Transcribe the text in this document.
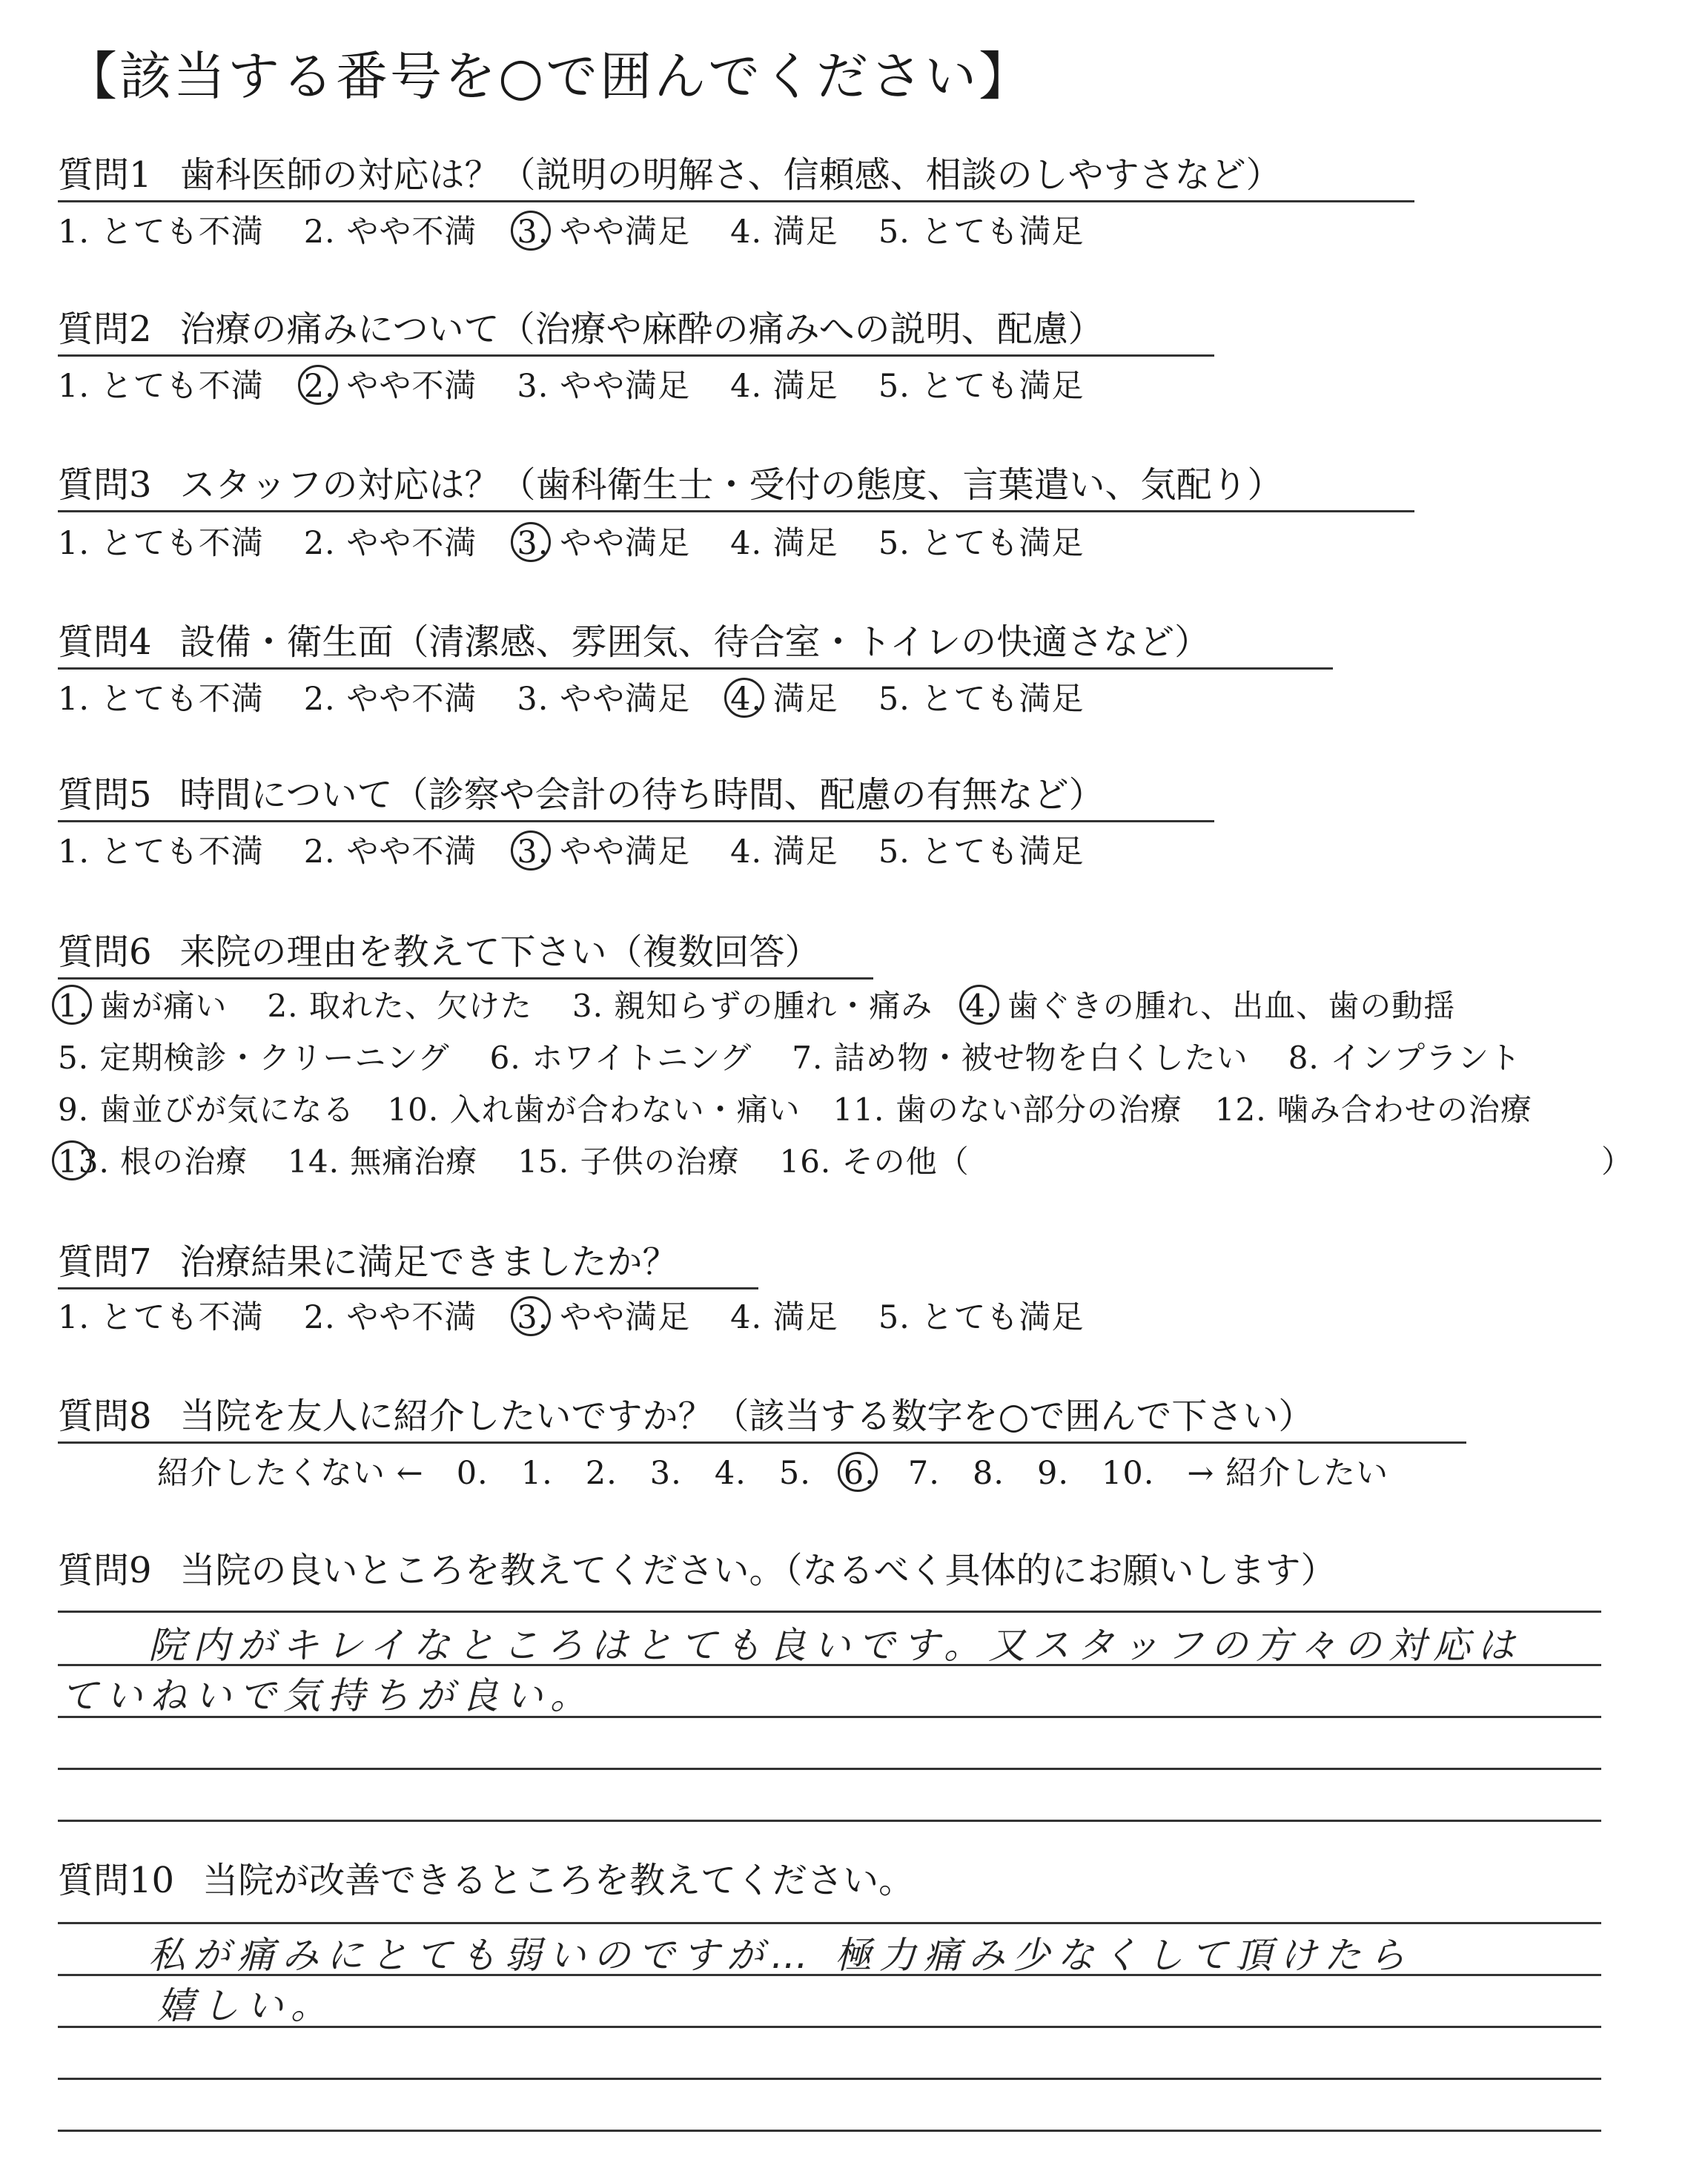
【該当する番号を○で囲んでください】
質問1 歯科医師の対応は？（説明の明解さ、信頼感、相談のしやすさなど）
1. とても不満 2. やや不満 3. やや満足 4. 満足 5. とても満足
質問2 治療の痛みについて（治療や麻酔の痛みへの説明、配慮）
1. とても不満 2. やや不満 3. やや満足 4. 満足 5. とても満足
質問3 スタッフの対応は？（歯科衛生士・受付の態度、言葉遣い、気配り）
1. とても不満 2. やや不満 3. やや満足 4. 満足 5. とても満足
質問4 設備・衛生面（清潔感、雰囲気、待合室・トイレの快適さなど）
1. とても不満 2. やや不満 3. やや満足 4. 満足 5. とても満足
質問5 時間について（診察や会計の待ち時間、配慮の有無など）
1. とても不満 2. やや不満 3. やや満足 4. 満足 5. とても満足
質問6 来院の理由を教えて下さい（複数回答）
1. 歯が痛い 2. 取れた、欠けた 3. 親知らずの腫れ・痛み 4. 歯ぐきの腫れ、出血、歯の動揺
5. 定期検診・クリーニング 6. ホワイトニング 7. 詰め物・被せ物を白くしたい 8. インプラント
9. 歯並びが気になる 10. 入れ歯が合わない・痛い 11. 歯のない部分の治療 12. 噛み合わせの治療
13. 根の治療 14. 無痛治療 15. 子供の治療 16. その他（	）
質問7 治療結果に満足できましたか？
1. とても不満 2. やや不満 3. やや満足 4. 満足 5. とても満足
質問8 当院を友人に紹介したいですか？（該当する数字を○で囲んで下さい）
紹介したくない ← 0. 1. 2. 3. 4. 5. 6. 7. 8. 9. 10. → 紹介したい
質問9 当院の良いところを教えてください。（なるべく具体的にお願いします）
院内がキレイなところはとても良いです。又スタッフの方々の対応は
ていねいで気持ちが良い。
質問10 当院が改善できるところを教えてください。
私が痛みにとても弱いのですが… 極力痛み少なくして頂けたら
嬉しい。
